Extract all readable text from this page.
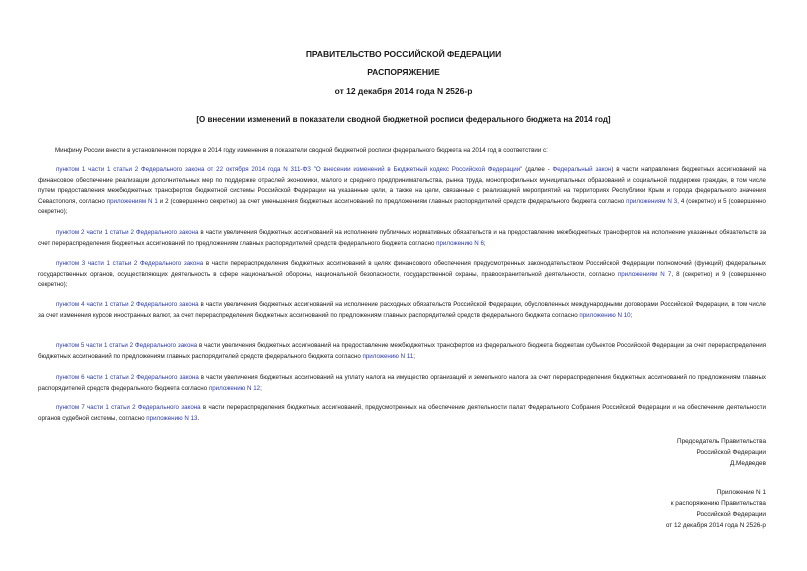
ПРАВИТЕЛЬСТВО РОССИЙСКОЙ ФЕДЕРАЦИИ
РАСПОРЯЖЕНИЕ
от 12 декабря 2014 года N 2526-р
[О внесении изменений в показатели сводной бюджетной росписи федерального бюджета на 2014 год]
Минфину России внести в установленном порядке в 2014 году изменения в показатели сводной бюджетной росписи федерального бюджета на 2014 год в соответствии с:
пунктом 1 части 1 статьи 2 Федерального закона от 22 октября 2014 года N 311-ФЗ "О внесении изменений в Бюджетный кодекс Российской Федерации" (далее - Федеральный закон) в части направления бюджетных ассигнований на финансовое обеспечение реализации дополнительных мер по поддержке отраслей экономики, малого и среднего предпринимательства, рынка труда, монопрофильных муниципальных образований и социальной поддержке граждан, в том числе путем предоставления межбюджетных трансфертов бюджетной системы Российской Федерации на указанные цели, а также на цели, связанные с реализацией мероприятий на территориях Республики Крым и города федерального значения Севастополя, согласно приложениям N 1 и 2 (совершенно секретно) за счет уменьшения бюджетных ассигнований по предложениям главных распорядителей средств федерального бюджета согласно приложениям N 3, 4 (секретно) и 5 (совершенно секретно);
пунктом 2 части 1 статьи 2 Федерального закона в части увеличения бюджетных ассигнований на исполнение публичных нормативных обязательств и на предоставление межбюджетных трансфертов на исполнение указанных обязательств за счет перераспределения бюджетных ассигнований по предложениям главных распорядителей средств федерального бюджета согласно приложению N 6;
пунктом 3 части 1 статьи 2 Федерального закона в части перераспределения бюджетных ассигнований в целях финансового обеспечения предусмотренных законодательством Российской Федерации полномочий (функций) федеральных государственных органов, осуществляющих деятельность в сфере национальной обороны, национальной безопасности, государственной охраны, правоохранительной деятельности, согласно приложениям N 7, 8 (секретно) и 9 (совершенно секретно);
пунктом 4 части 1 статьи 2 Федерального закона в части увеличения бюджетных ассигнований на исполнение расходных обязательств Российской Федерации, обусловленных международными договорами Российской Федерации, в том числе за счет изменения курсов иностранных валют, за счет перераспределения бюджетных ассигнований по предложениям главных распорядителей средств федерального бюджета согласно приложению N 10;
пунктом 5 части 1 статьи 2 Федерального закона в части увеличения бюджетных ассигнований на предоставление межбюджетных трансфертов из федерального бюджета бюджетам субъектов Российской Федерации за счет перераспределения бюджетных ассигнований по предложениям главных распорядителей средств федерального бюджета согласно приложению N 11;
пунктом 6 части 1 статьи 2 Федерального закона в части увеличения бюджетных ассигнований на уплату налога на имущество организаций и земельного налога за счет перераспределения бюджетных ассигнований по предложениям главных распорядителей средств федерального бюджета согласно приложению N 12;
пунктом 7 части 1 статьи 2 Федерального закона в части перераспределения бюджетных ассигнований, предусмотренных на обеспечение деятельности палат Федерального Собрания Российской Федерации и на обеспечение деятельности органов судебной системы, согласно приложению N 13.
Председатель Правительства
Российской Федерации
Д.Медведев
Приложение N 1
к распоряжению Правительства
Российской Федерации
от 12 декабря 2014 года N 2526-р
